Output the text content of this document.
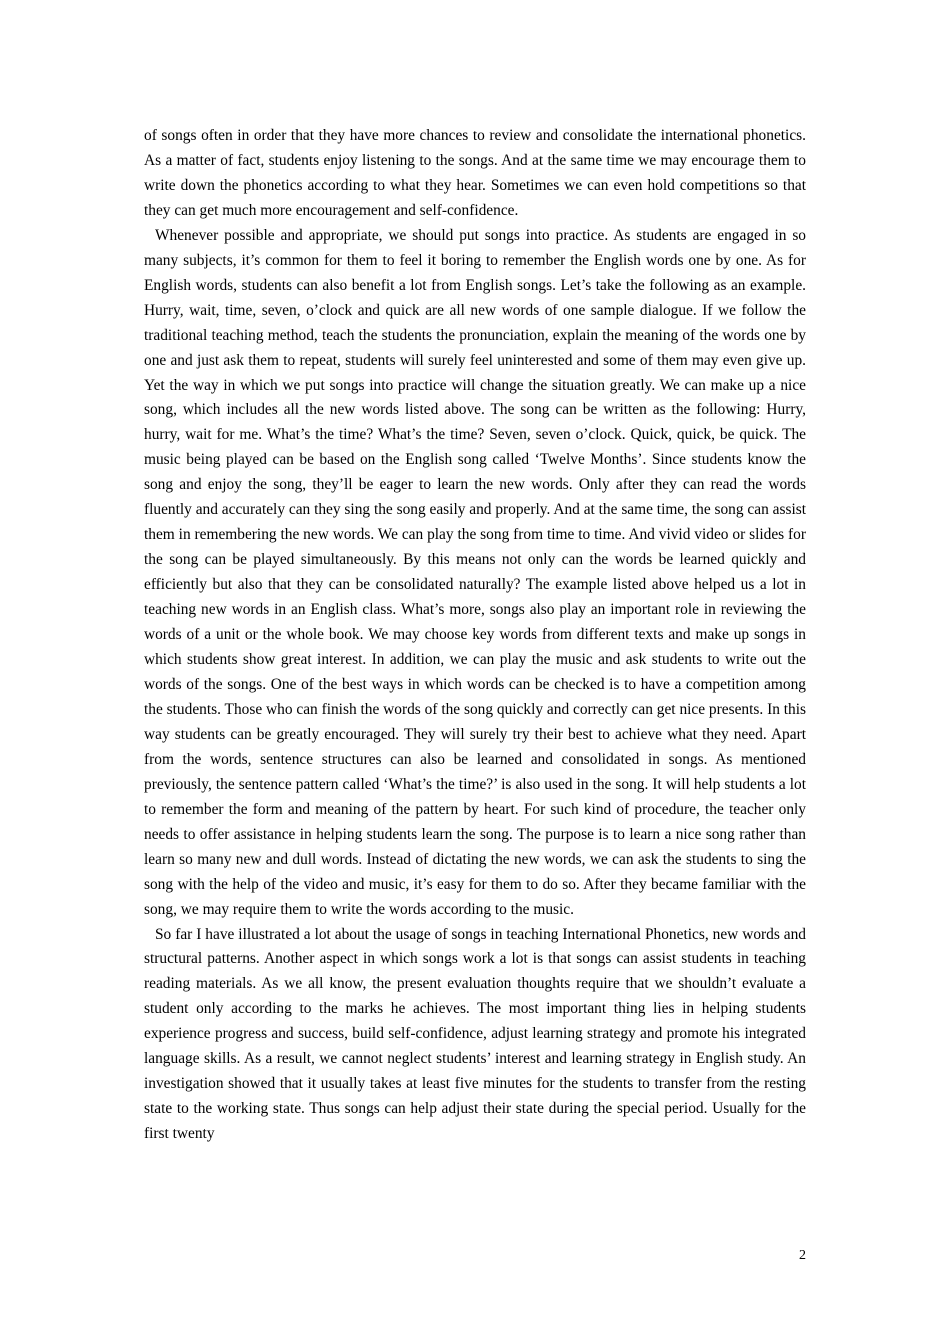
of songs often in order that they have more chances to review and consolidate the international phonetics. As a matter of fact, students enjoy listening to the songs. And at the same time we may encourage them to write down the phonetics according to what they hear. Sometimes we can even hold competitions so that they can get much more encouragement and self-confidence.

Whenever possible and appropriate, we should put songs into practice. As students are engaged in so many subjects, it’s common for them to feel it boring to remember the English words one by one. As for English words, students can also benefit a lot from English songs. Let’s take the following as an example. Hurry, wait, time, seven, o’clock and quick are all new words of one sample dialogue. If we follow the traditional teaching method, teach the students the pronunciation, explain the meaning of the words one by one and just ask them to repeat, students will surely feel uninterested and some of them may even give up. Yet the way in which we put songs into practice will change the situation greatly. We can make up a nice song, which includes all the new words listed above. The song can be written as the following: Hurry, hurry, wait for me. What’s the time? What’s the time? Seven, seven o’clock. Quick, quick, be quick. The music being played can be based on the English song called ‘Twelve Months’. Since students know the song and enjoy the song, they’ll be eager to learn the new words. Only after they can read the words fluently and accurately can they sing the song easily and properly. And at the same time, the song can assist them in remembering the new words. We can play the song from time to time. And vivid video or slides for the song can be played simultaneously. By this means not only can the words be learned quickly and efficiently but also that they can be consolidated naturally? The example listed above helped us a lot in teaching new words in an English class. What’s more, songs also play an important role in reviewing the words of a unit or the whole book. We may choose key words from different texts and make up songs in which students show great interest. In addition, we can play the music and ask students to write out the words of the songs. One of the best ways in which words can be checked is to have a competition among the students. Those who can finish the words of the song quickly and correctly can get nice presents. In this way students can be greatly encouraged. They will surely try their best to achieve what they need. Apart from the words, sentence structures can also be learned and consolidated in songs. As mentioned previously, the sentence pattern called ‘What’s the time?’ is also used in the song. It will help students a lot to remember the form and meaning of the pattern by heart. For such kind of procedure, the teacher only needs to offer assistance in helping students learn the song. The purpose is to learn a nice song rather than learn so many new and dull words. Instead of dictating the new words, we can ask the students to sing the song with the help of the video and music, it’s easy for them to do so. After they became familiar with the song, we may require them to write the words according to the music.

So far I have illustrated a lot about the usage of songs in teaching International Phonetics, new words and structural patterns. Another aspect in which songs work a lot is that songs can assist students in teaching reading materials. As we all know, the present evaluation thoughts require that we shouldn’t evaluate a student only according to the marks he achieves. The most important thing lies in helping students experience progress and success, build self-confidence, adjust learning strategy and promote his integrated language skills. As a result, we cannot neglect students’ interest and learning strategy in English study. An investigation showed that it usually takes at least five minutes for the students to transfer from the resting state to the working state. Thus songs can help adjust their state during the special period. Usually for the first twenty

2
